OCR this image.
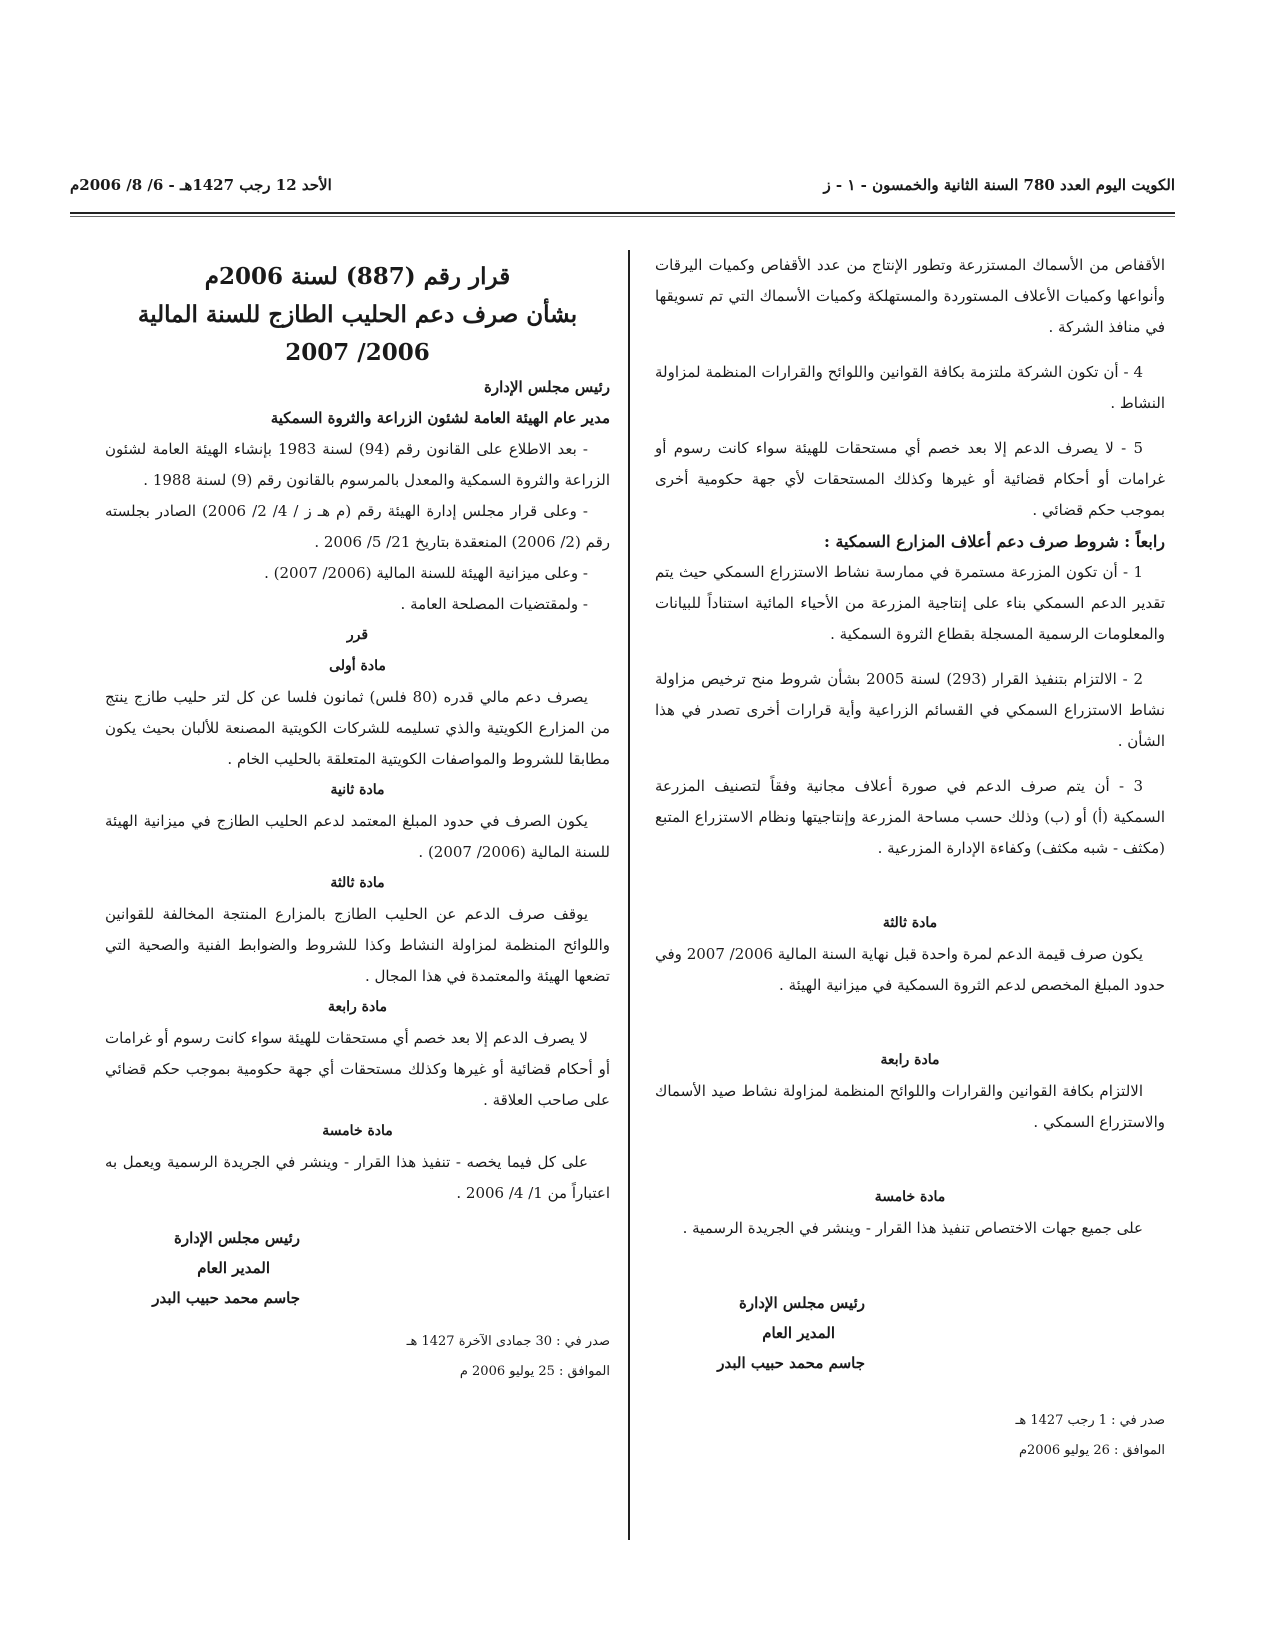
الكويت اليوم العدد 780 السنة الثانية والخمسون - ١ - ز
الأحد 12 رجب 1427هـ - 6/ 8/ 2006م

الأقفاص من الأسماك المستزرعة وتطور الإنتاج من عدد الأقفاص وكميات اليرقات وأنواعها وكميات الأعلاف المستوردة والمستهلكة وكميات الأسماك التي تم تسويقها في منافذ الشركة .

4 - أن تكون الشركة ملتزمة بكافة القوانين واللوائح والقرارات المنظمة لمزاولة النشاط .

5 - لا يصرف الدعم إلا بعد خصم أي مستحقات للهيئة سواء كانت رسوم أو غرامات أو أحكام قضائية أو غيرها وكذلك المستحقات لأي جهة حكومية أخرى بموجب حكم قضائي .

رابعاً : شروط صرف دعم أعلاف المزارع السمكية :

1 - أن تكون المزرعة مستمرة في ممارسة نشاط الاستزراع السمكي حيث يتم تقدير الدعم السمكي بناء على إنتاجية المزرعة من الأحياء المائية استناداً للبيانات والمعلومات الرسمية المسجلة بقطاع الثروة السمكية .

2 - الالتزام بتنفيذ القرار (293) لسنة 2005 بشأن شروط منح ترخيص مزاولة نشاط الاستزراع السمكي في القسائم الزراعية وأية قرارات أخرى تصدر في هذا الشأن .

3 - أن يتم صرف الدعم في صورة أعلاف مجانية وفقاً لتصنيف المزرعة السمكية (أ) أو (ب) وذلك حسب مساحة المزرعة وإنتاجيتها ونظام الاستزراع المتبع (مكثف - شبه مكثف) وكفاءة الإدارة المزرعية .

مادة ثالثة

يكون صرف قيمة الدعم لمرة واحدة قبل نهاية السنة المالية 2006/ 2007 وفي حدود المبلغ المخصص لدعم الثروة السمكية في ميزانية الهيئة .

مادة رابعة

الالتزام بكافة القوانين والقرارات واللوائح المنظمة لمزاولة نشاط صيد الأسماك والاستزراع السمكي .

مادة خامسة

على جميع جهات الاختصاص تنفيذ هذا القرار - وينشر في الجريدة الرسمية .

رئيس مجلس الإدارة

المدير العام

جاسم محمد حبيب البدر

صدر في : 1 رجب 1427 هـ

الموافق : 26 يوليو 2006م

قرار رقم (887) لسنة 2006م

بشأن صرف دعم الحليب الطازج للسنة المالية

2006/ 2007

رئيس مجلس الإدارة

مدير عام الهيئة العامة لشئون الزراعة والثروة السمكية

- بعد الاطلاع على القانون رقم (94) لسنة 1983 بإنشاء الهيئة العامة لشئون الزراعة والثروة السمكية والمعدل بالمرسوم بالقانون رقم (9) لسنة 1988 .

- وعلى قرار مجلس إدارة الهيئة رقم (م هـ ز / 4/ 2/ 2006) الصادر بجلسته رقم (2/ 2006) المنعقدة بتاريخ 21/ 5/ 2006 .

- وعلى ميزانية الهيئة للسنة المالية (2006/ 2007) .

- ولمقتضيات المصلحة العامة .

قرر

مادة أولى

يصرف دعم مالي قدره (80 فلس) ثمانون فلسا عن كل لتر حليب طازج ينتج من المزارع الكويتية والذي تسليمه للشركات الكويتية المصنعة للألبان بحيث يكون مطابقا للشروط والمواصفات الكويتية المتعلقة بالحليب الخام .

مادة ثانية

يكون الصرف في حدود المبلغ المعتمد لدعم الحليب الطازج في ميزانية الهيئة للسنة المالية (2006/ 2007) .

مادة ثالثة

يوقف صرف الدعم عن الحليب الطازج بالمزارع المنتجة المخالفة للقوانين واللوائح المنظمة لمزاولة النشاط وكذا للشروط والضوابط الفنية والصحية التي تضعها الهيئة والمعتمدة في هذا المجال .

مادة رابعة

لا يصرف الدعم إلا بعد خصم أي مستحقات للهيئة سواء كانت رسوم أو غرامات أو أحكام قضائية أو غيرها وكذلك مستحقات أي جهة حكومية بموجب حكم قضائي على صاحب العلاقة .

مادة خامسة

على كل فيما يخصه - تنفيذ هذا القرار - وينشر في الجريدة الرسمية ويعمل به اعتباراً من 1/ 4/ 2006 .

رئيس مجلس الإدارة

المدير العام

جاسم محمد حبيب البدر

صدر في : 30 جمادى الآخرة 1427 هـ

الموافق : 25 يوليو 2006 م
